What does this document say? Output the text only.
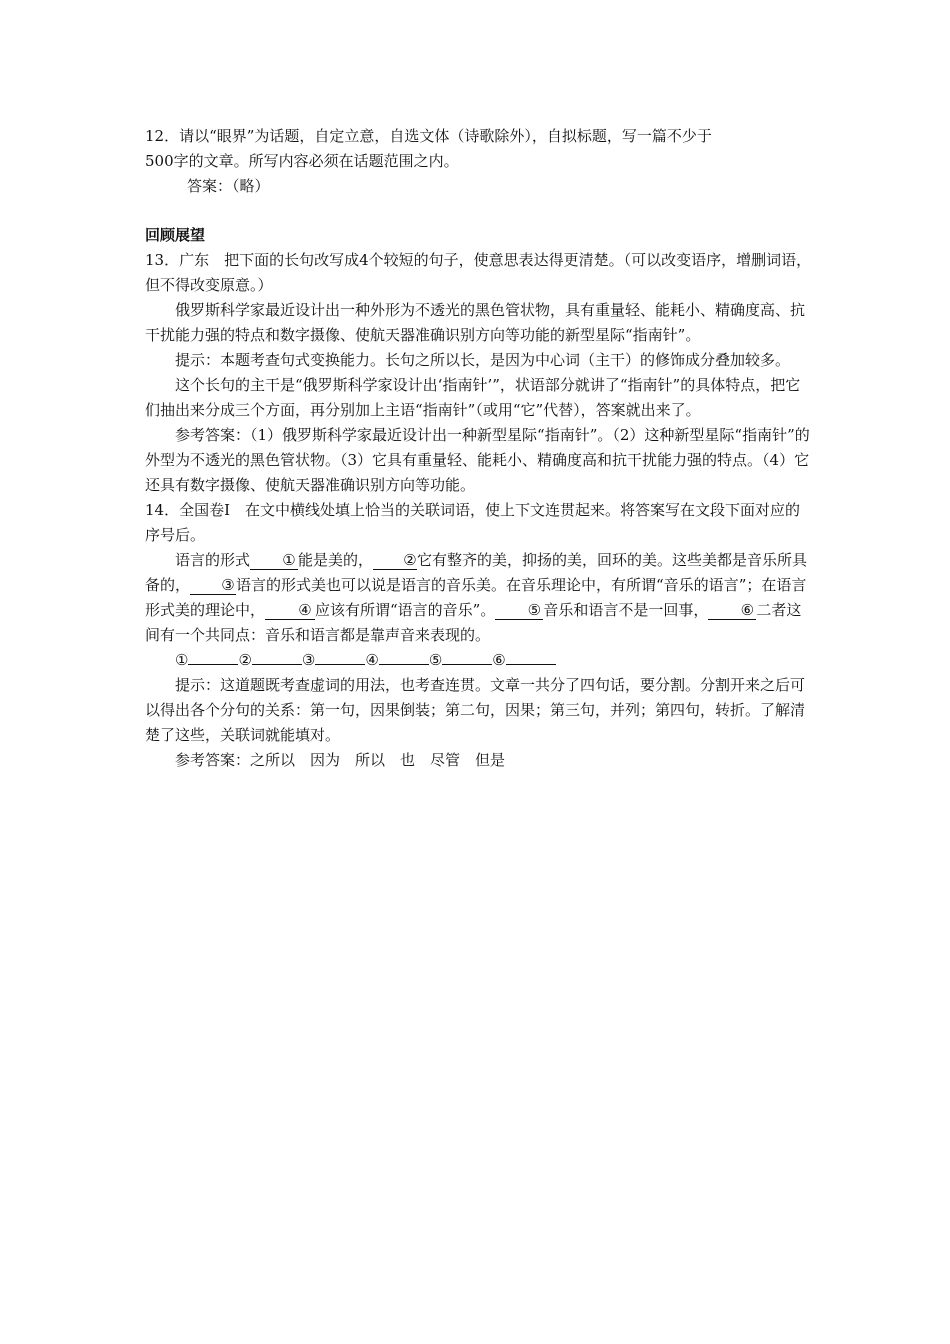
12．请以“眼界”为话题，自定立意，自选文体（诗歌除外），自拟标题，写一篇不少于

500字的文章。所写内容必须在话题范围之内。

答案：（略）

回顾展望

13．广东　把下面的长句改写成4个较短的句子，使意思表达得更清楚。（可以改变语序，增删词语，但不得改变原意。）

俄罗斯科学家最近设计出一种外形为不透光的黑色管状物，具有重量轻、能耗小、精确度高、抗干扰能力强的特点和数字摄像、使航天器准确识别方向等功能的新型星际“指南针”。

提示：本题考查句式变换能力。长句之所以长，是因为中心词（主干）的修饰成分叠加较多。

这个长句的主干是“俄罗斯科学家设计出‘指南针’”，状语部分就讲了“指南针”的具体特点，把它们抽出来分成三个方面，再分别加上主语“指南针”（或用“它”代替），答案就出来了。

参考答案：（1）俄罗斯科学家最近设计出一种新型星际“指南针”。（2）这种新型星际“指南针”的外型为不透光的黑色管状物。（3）它具有重量轻、能耗小、精确度高和抗干扰能力强的特点。（4）它还具有数字摄像、使航天器准确识别方向等功能。

14．全国卷Ⅰ　在文中横线处填上恰当的关联词语，使上下文连贯起来。将答案写在文段下面对应的序号后。

语言的形式 ① 能是美的， ②它有整齐的美，抑扬的美，回环的美。这些美都是音乐所具备的， ③语言的形式美也可以说是语言的音乐美。在音乐理论中，有所谓“音乐的语言”；在语言形式美的理论中， ④ 应该有所谓“语言的音乐”。 ⑤ 音乐和语言不是一回事， ⑥ 二者这间有一个共同点：音乐和语言都是靠声音来表现的。

①	②	③	④	⑤	⑥

提示：这道题既考查虚词的用法，也考查连贯。文章一共分了四句话，要分割。分割开来之后可以得出各个分句的关系：第一句，因果倒装；第二句，因果；第三句，并列；第四句，转折。了解清楚了这些，关联词就能填对。

参考答案：之所以　因为　所以　也　尽管　但是
